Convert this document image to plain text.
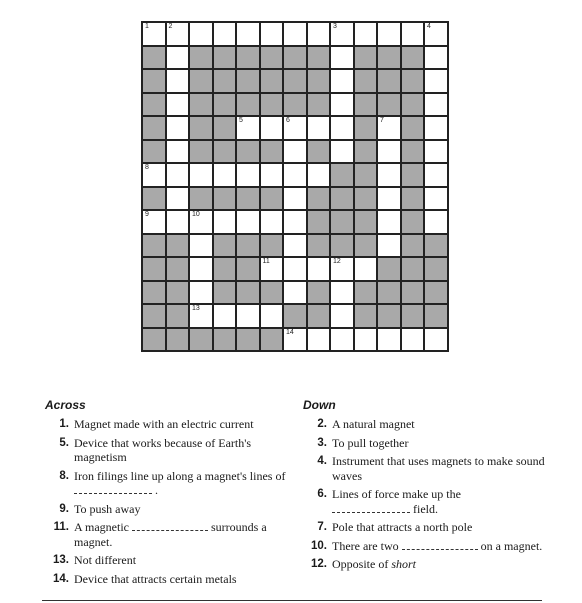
1	2	3	4
5	6	7
8
9	10
11	12
13
14
Across
1. Magnet made with an electric current
5. Device that works because of Earth's magnetism
8. Iron filings line up along a magnet's lines of  .
9. To push away
11. A magnetic	surrounds a magnet.
13. Not different
14. Device that attracts certain metals
Down
2. A natural magnet
3. To pull together
4. Instrument that uses magnets to make sound waves
6. Lines of force make up the
field.
7. Pole that attracts a north pole
10. There are two	on a magnet.
12. Opposite of short
